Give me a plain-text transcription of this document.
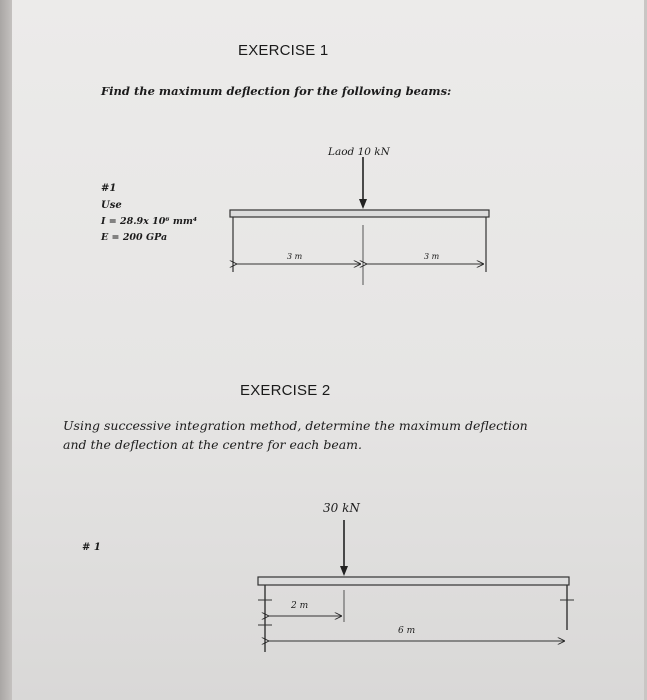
EXERCISE 1
Find the maximum deflection for the following beams:
#1
Use
I = 28.9x 10⁶ mm⁴
E = 200 GPa
Laod 10 kN
3 m	3 m
EXERCISE 2
Using successive integration method, determine the maximum deflection
and the deflection at the centre for each beam.
# 1
30 kN
2 m
6 m
